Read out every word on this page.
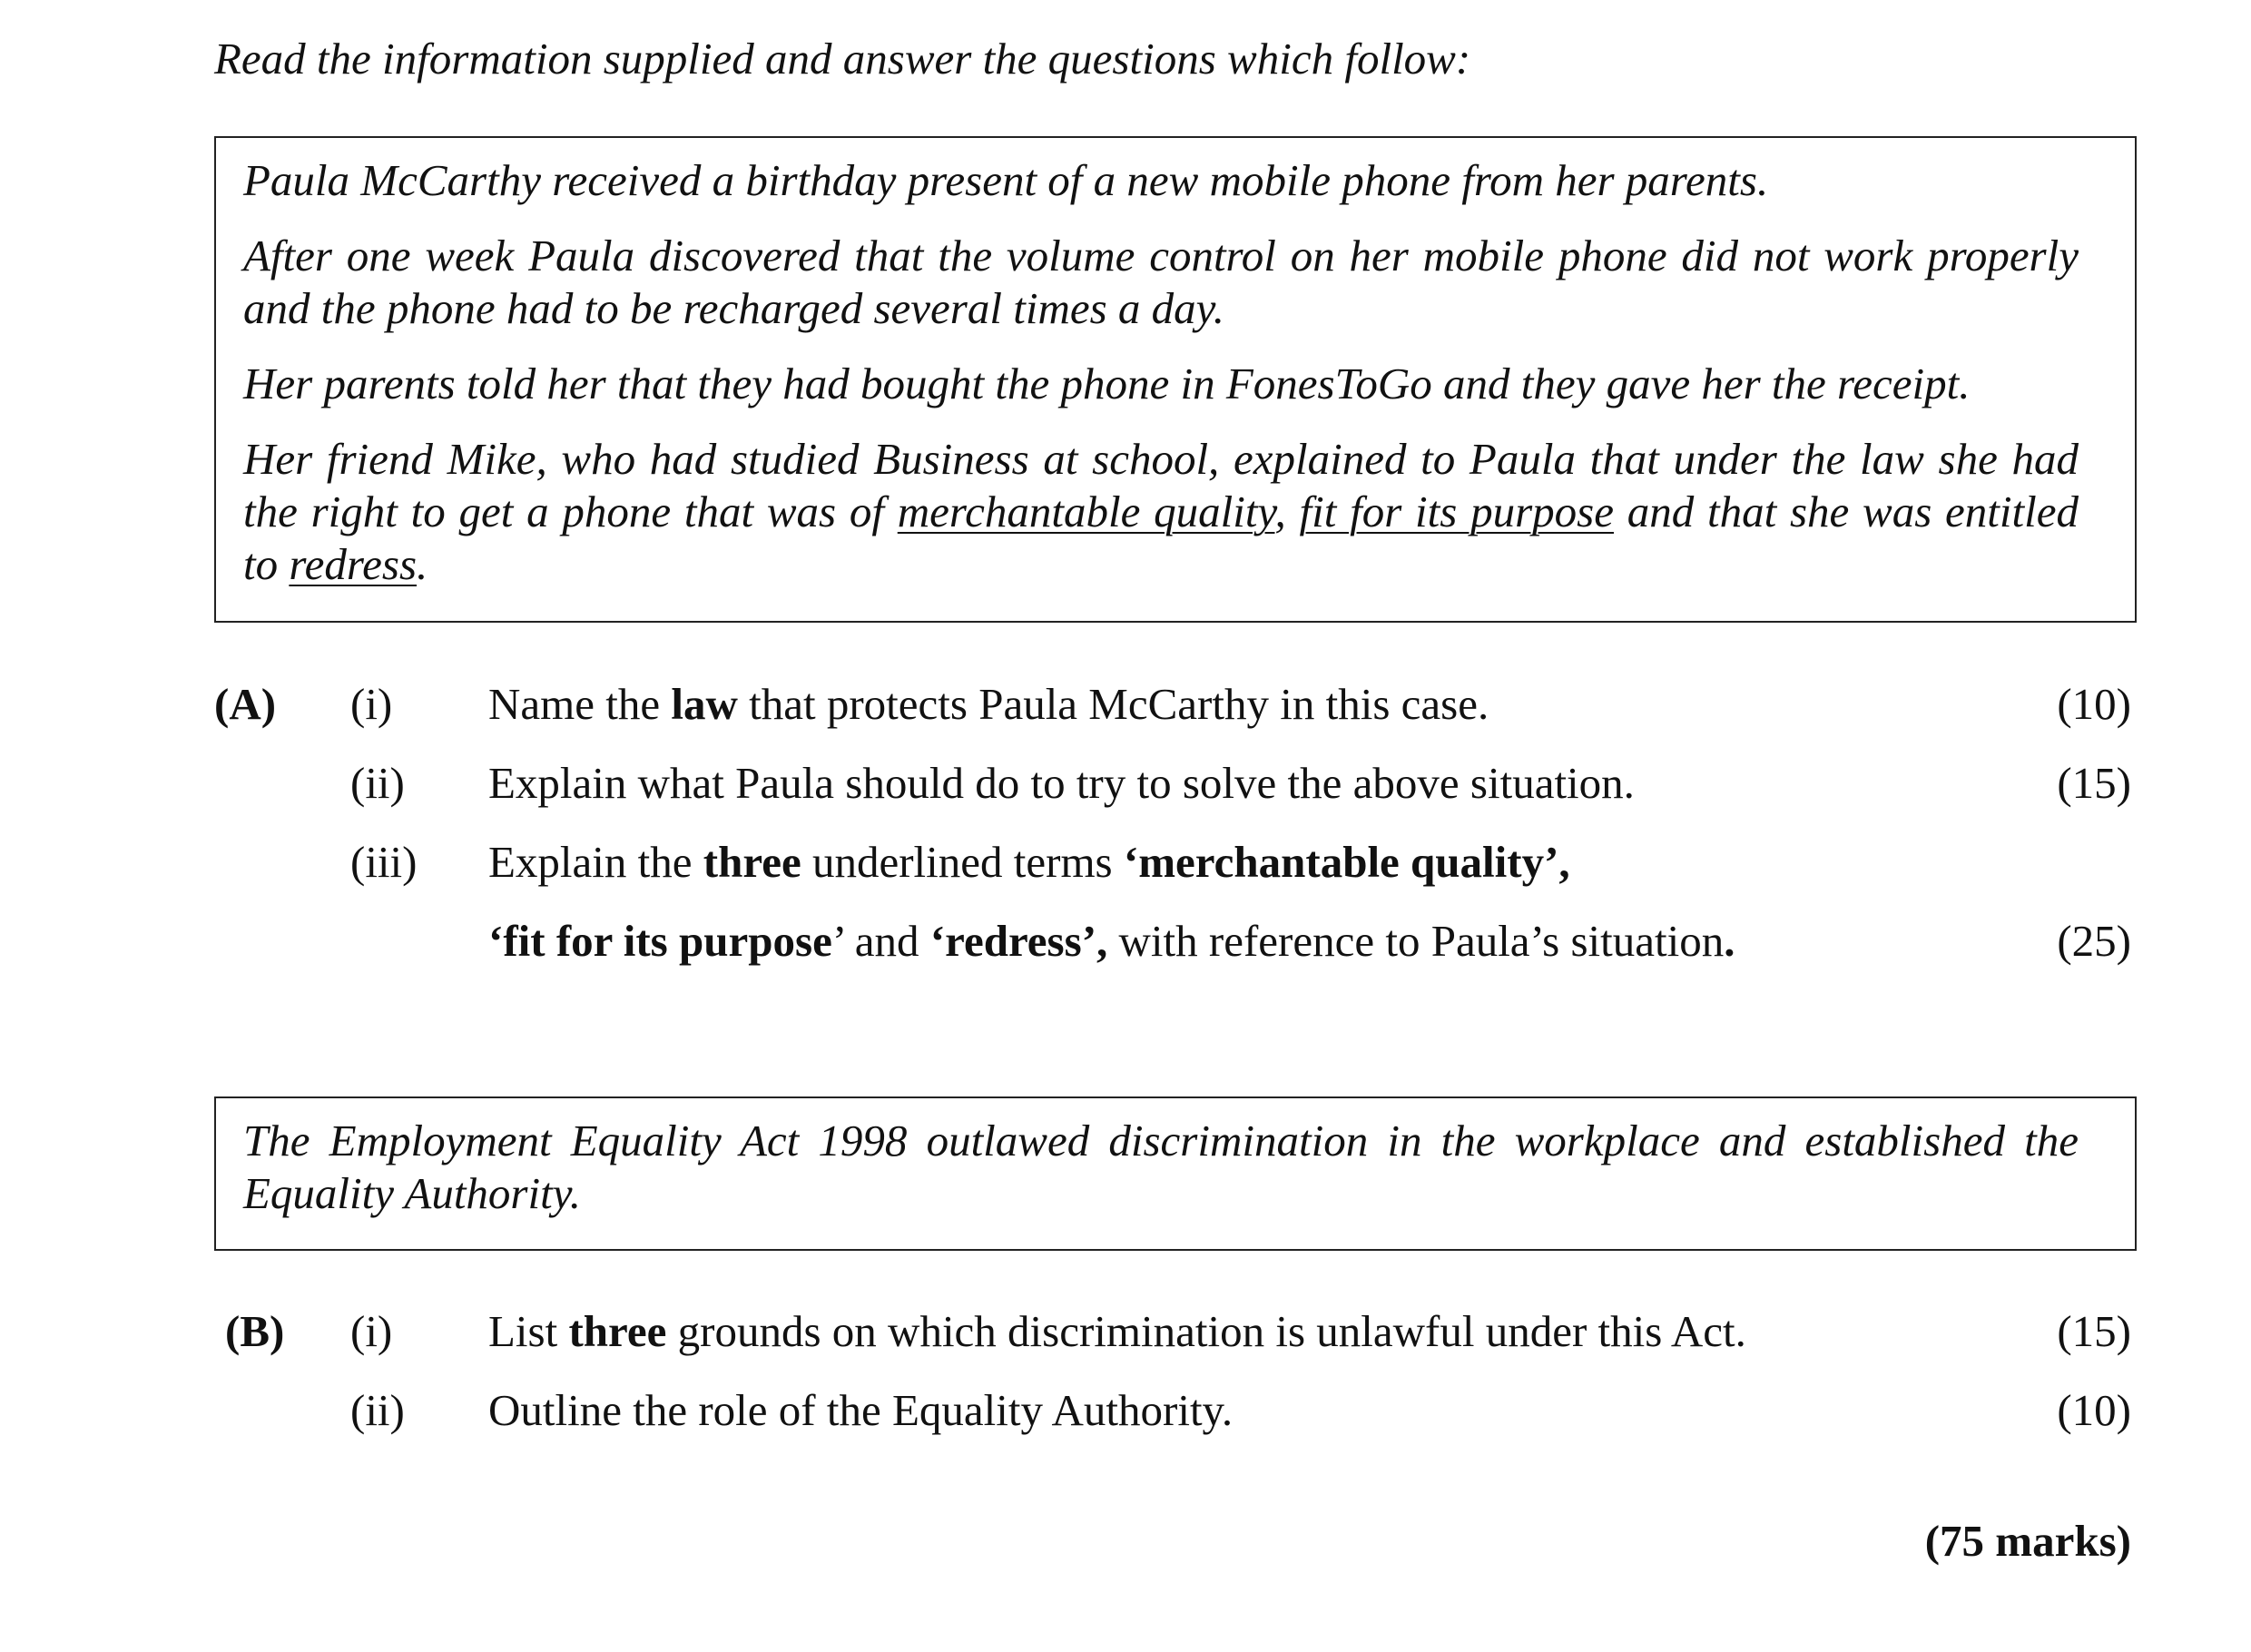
Read the information supplied and answer the questions which follow:

Paula McCarthy received a birthday present of a new mobile phone from her parents.

After one week Paula discovered that the volume control on her mobile phone did not work properly and the phone had to be recharged several times a day.

Her parents told her that they had bought the phone in FonesToGo and they gave her the receipt.

Her friend Mike, who had studied Business at school, explained to Paula that under the law she had the right to get a phone that was of merchantable quality, fit for its purpose and that she was entitled to redress.

(A) (i) Name the law that protects Paula McCarthy in this case.	(10)
(ii) Explain what Paula should do to try to solve the above situation.	(15)
(iii) Explain the three underlined terms ‘merchantable quality’,
‘fit for its purpose’ and ‘redress’, with reference to Paula’s situation.	(25)

The Employment Equality Act 1998 outlawed discrimination in the workplace and established the Equality Authority.

(B) (i) List three grounds on which discrimination is unlawful under this Act.	(15)
(ii) Outline the role of the Equality Authority.	(10)
(75 marks)
